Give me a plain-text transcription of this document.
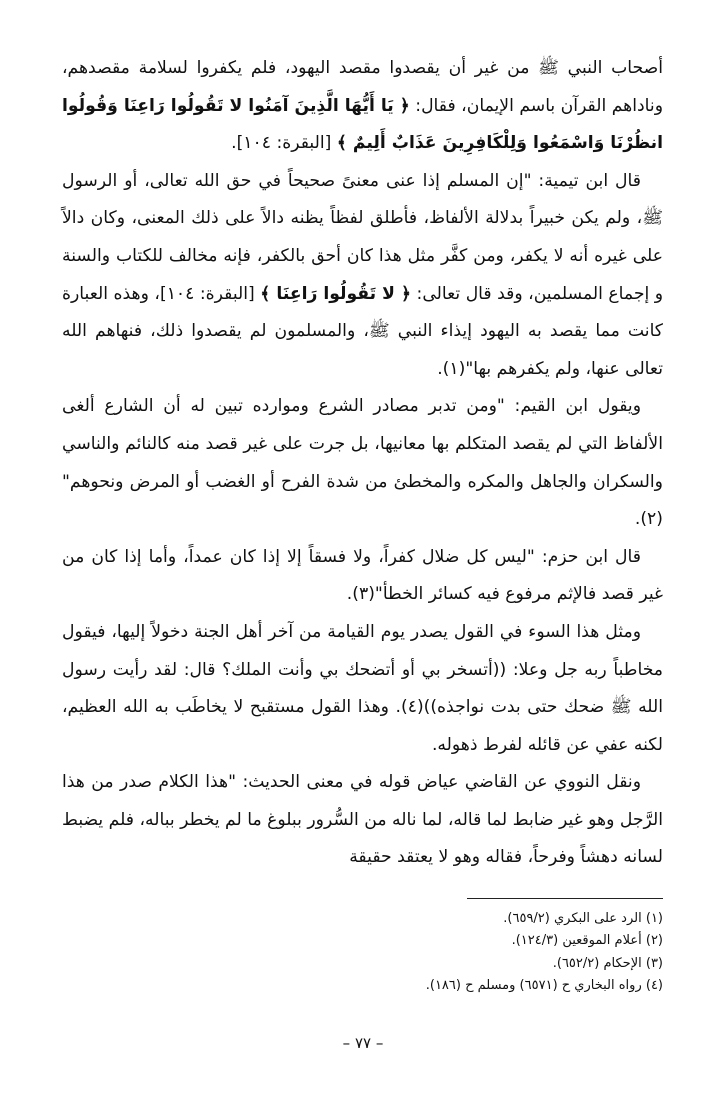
أصحاب النبي ﷺ من غير أن يقصدوا مقصد اليهود، فلم يكفروا لسلامة مقصدهم، وناداهم القرآن باسم الإيمان، فقال: ﴿ يَا أَيُّهَا الَّذِينَ آمَنُوا لا تَقُولُوا رَاعِنَا وَقُولُوا انظُرْنَا وَاسْمَعُوا وَلِلْكَافِرِينَ عَذَابٌ أَلِيمٌ ﴾ [البقرة: ١٠٤].

قال ابن تيمية: "إن المسلم إذا عنى معنىً صحيحاً في حق الله تعالى، أو الرسول ﷺ، ولم يكن خبيراً بدلالة الألفاظ، فأطلق لفظاً يظنه دالاً على ذلك المعنى، وكان دالاً على غيره أنه لا يكفر، ومن كفَّر مثل هذا كان أحق بالكفر، فإنه مخالف للكتاب والسنة و إجماع المسلمين، وقد قال تعالى: ﴿ لا تَقُولُوا رَاعِنَا ﴾ [البقرة: ١٠٤]، وهذه العبارة كانت مما يقصد به اليهود إيذاء النبي ﷺ، والمسلمون لم يقصدوا ذلك، فنهاهم الله تعالى عنها، ولم يكفرهم بها"(١).

ويقول ابن القيم: "ومن تدبر مصادر الشرع وموارده تبين له أن الشارع ألغى الألفاظ التي لم يقصد المتكلم بها معانيها، بل جرت على غير قصد منه كالنائم والناسي والسكران والجاهل والمكره والمخطئ من شدة الفرح أو الغضب أو المرض ونحوهم"(٢).

قال ابن حزم: "ليس كل ضلال كفراً، ولا فسقاً إلا إذا كان عمداً، وأما إذا كان من غير قصد فالإثم مرفوع فيه كسائر الخطأ"(٣).

ومثل هذا السوء في القول يصدر يوم القيامة من آخر أهل الجنة دخولاً إليها، فيقول مخاطباً ربه جل وعلا: ((أتسخر بي أو أتضحك بي وأنت الملك؟ قال: لقد رأيت رسول الله ﷺ ضحك حتى بدت نواجذه))(٤). وهذا القول مستقبح لا يخاطَب به الله العظيم، لكنه عفي عن قائله لفرط ذهوله.

ونقل النووي عن القاضي عياض قوله في معنى الحديث: "هذا الكلام صدر من هذا الرَّجل وهو غير ضابط لما قاله، لما ناله من السُّرور ببلوغ ما لم يخطر بباله، فلم يضبط لسانه دهشاً وفرحاً، فقاله وهو لا يعتقد حقيقة

(١) الرد على البكري (٦٥٩/٢).
(٢) أعلام الموقعين (١٢٤/٣).
(٣) الإحكام (٦٥٢/٢).
(٤) رواه البخاري ح (٦٥٧١) ومسلم ح (١٨٦).
– ٧٧ –
